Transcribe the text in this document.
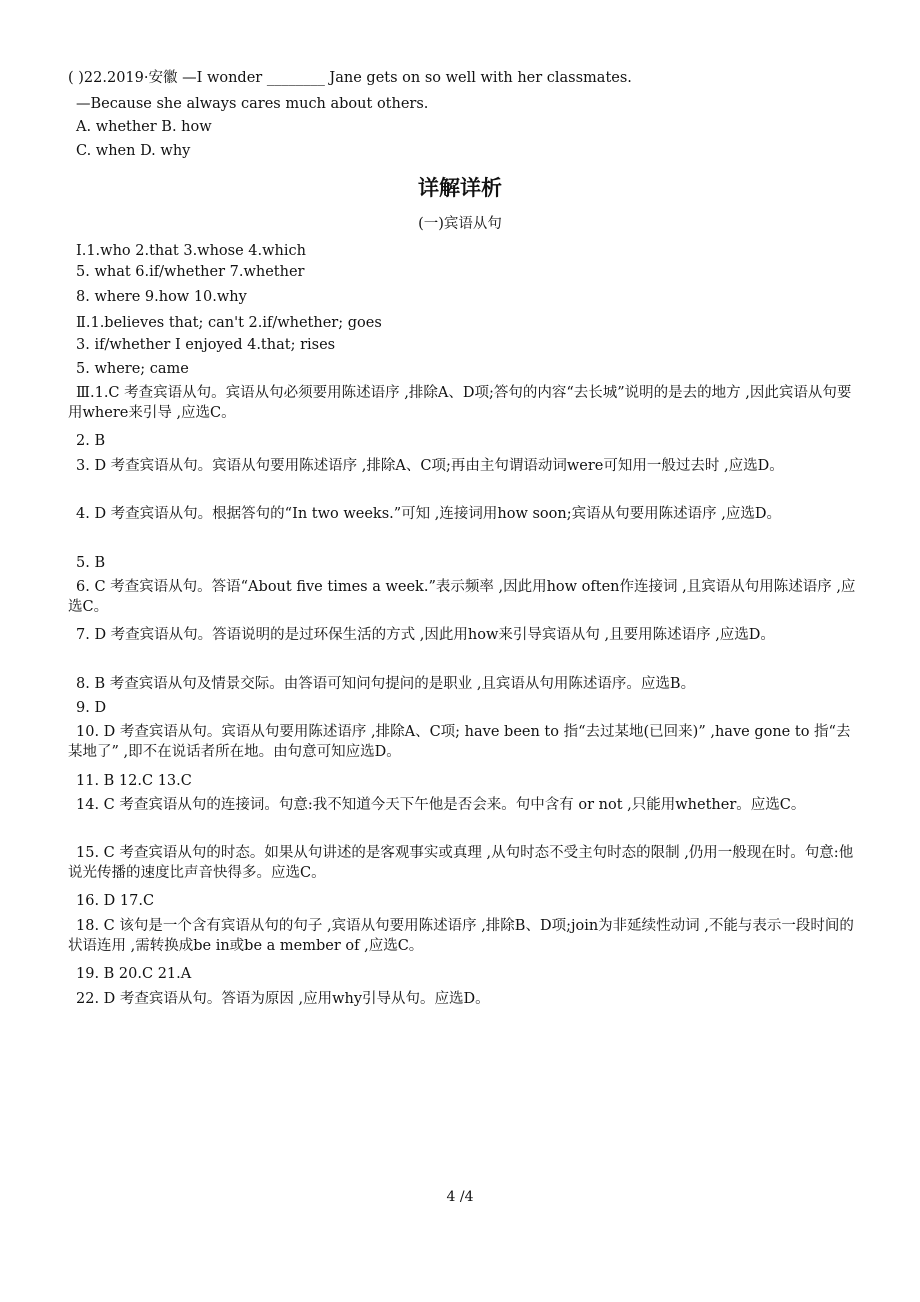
( )22.2019·安徽 —I wonder ________ Jane gets on so well with her classmates.
—Because she always cares much about others.
A. whether B. how
C. when D. why
详解详析
(一)宾语从句
Ⅰ.1.who 2.that 3.whose 4.which
5. what 6.if/whether 7.whether
8. where 9.how 10.why
Ⅱ.1.believes that; can't 2.if/whether; goes
3. if/whether I enjoyed 4.that; rises
5. where; came
Ⅲ.1.C 考查宾语从句。宾语从句必须要用陈述语序 ,排除A、D项;答句的内容“去长城”说明的是去的地方 ,因此宾语从句要用where来引导 ,应选C。
2. B
3. D 考查宾语从句。宾语从句要用陈述语序 ,排除A、C项;再由主句谓语动词were可知用一般过去时 ,应选D。
4. D 考查宾语从句。根据答句的“In two weeks.”可知 ,连接词用how soon;宾语从句要用陈述语序 ,应选D。
5. B
6. C 考查宾语从句。答语“About five times a week.”表示频率 ,因此用how often作连接词 ,且宾语从句用陈述语序 ,应选C。
7. D 考查宾语从句。答语说明的是过环保生活的方式 ,因此用how来引导宾语从句 ,且要用陈述语序 ,应选D。
8. B 考查宾语从句及情景交际。由答语可知问句提问的是职业 ,且宾语从句用陈述语序。应选B。
9. D
10. D 考查宾语从句。宾语从句要用陈述语序 ,排除A、C项; have been to 指“去过某地(已回来)” ,have gone to 指“去某地了” ,即不在说话者所在地。由句意可知应选D。
11. B 12.C 13.C
14. C 考查宾语从句的连接词。句意:我不知道今天下午他是否会来。句中含有 or not ,只能用whether。应选C。
15. C 考查宾语从句的时态。如果从句讲述的是客观事实或真理 ,从句时态不受主句时态的限制 ,仍用一般现在时。句意:他说光传播的速度比声音快得多。应选C。
16. D 17.C
18. C 该句是一个含有宾语从句的句子 ,宾语从句要用陈述语序 ,排除B、D项;join为非延续性动词 ,不能与表示一段时间的状语连用 ,需转换成be in或be a member of ,应选C。
19. B 20.C 21.A
22. D 考查宾语从句。答语为原因 ,应用why引导从句。应选D。
4 /4
